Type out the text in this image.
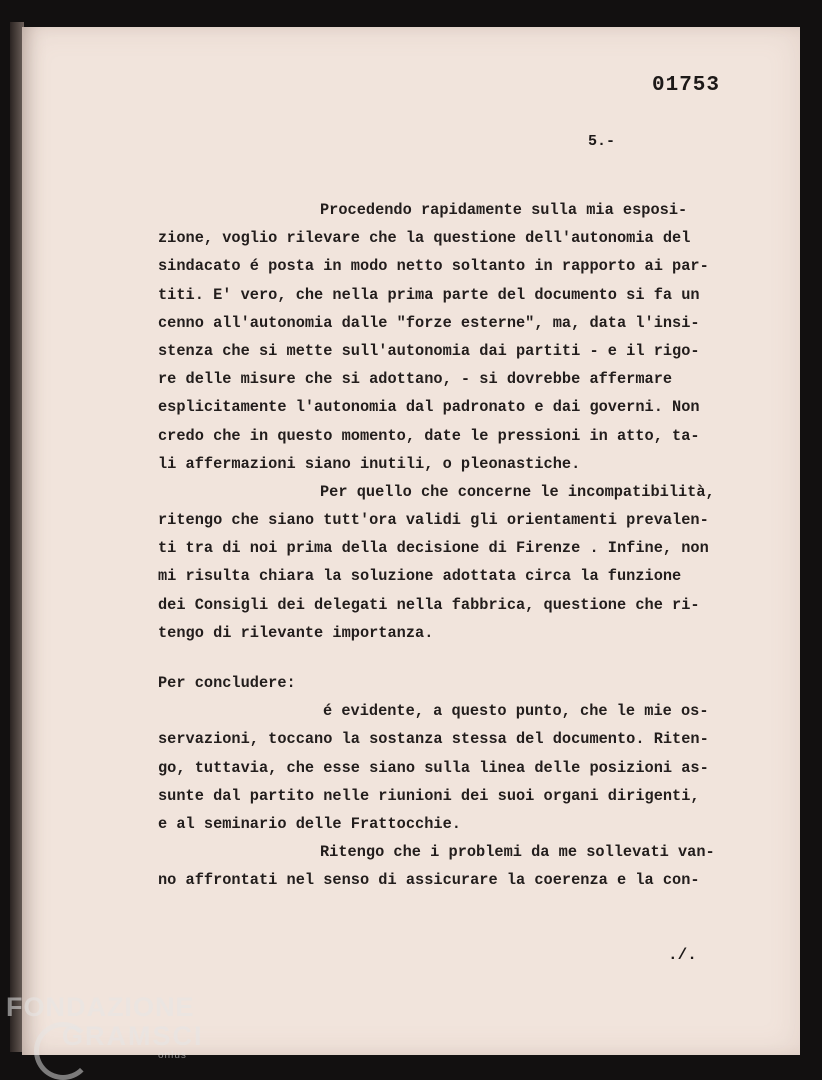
01753
5.-
Procedendo rapidamente sulla mia esposi-
zione, voglio rilevare che la questione dell'autonomia del
sindacato é posta in modo netto soltanto in rapporto ai par-
titi. E' vero, che nella prima parte del documento si fa un
cenno all'autonomia dalle "forze esterne", ma, data l'insi-
stenza che si mette sull'autonomia dai partiti - e il rigo-
re delle misure che si adottano, - si dovrebbe affermare
esplicitamente l'autonomia dal padronato e dai governi. Non
credo che in questo momento, date le pressioni in atto, ta-
li affermazioni siano inutili, o pleonastiche.
Per quello che concerne le incompatibilità,
ritengo che siano tutt'ora validi gli orientamenti prevalen-
ti tra di noi prima della decisione di Firenze . Infine, non
mi risulta chiara la soluzione adottata circa la funzione
dei Consigli dei delegati nella fabbrica, questione che ri-
tengo di rilevante importanza.
Per concludere:
é evidente, a questo punto, che le mie os-
servazioni, toccano la sostanza stessa del documento. Riten-
go, tuttavia, che esse siano sulla linea delle posizioni as-
sunte dal partito nelle riunioni dei suoi organi dirigenti,
e al seminario delle Frattocchie.
Ritengo che i problemi da me sollevati van-
no affrontati nel senso di assicurare la coerenza e la con-
./.
FONDAZIONE
GRAMSCI
onlus
